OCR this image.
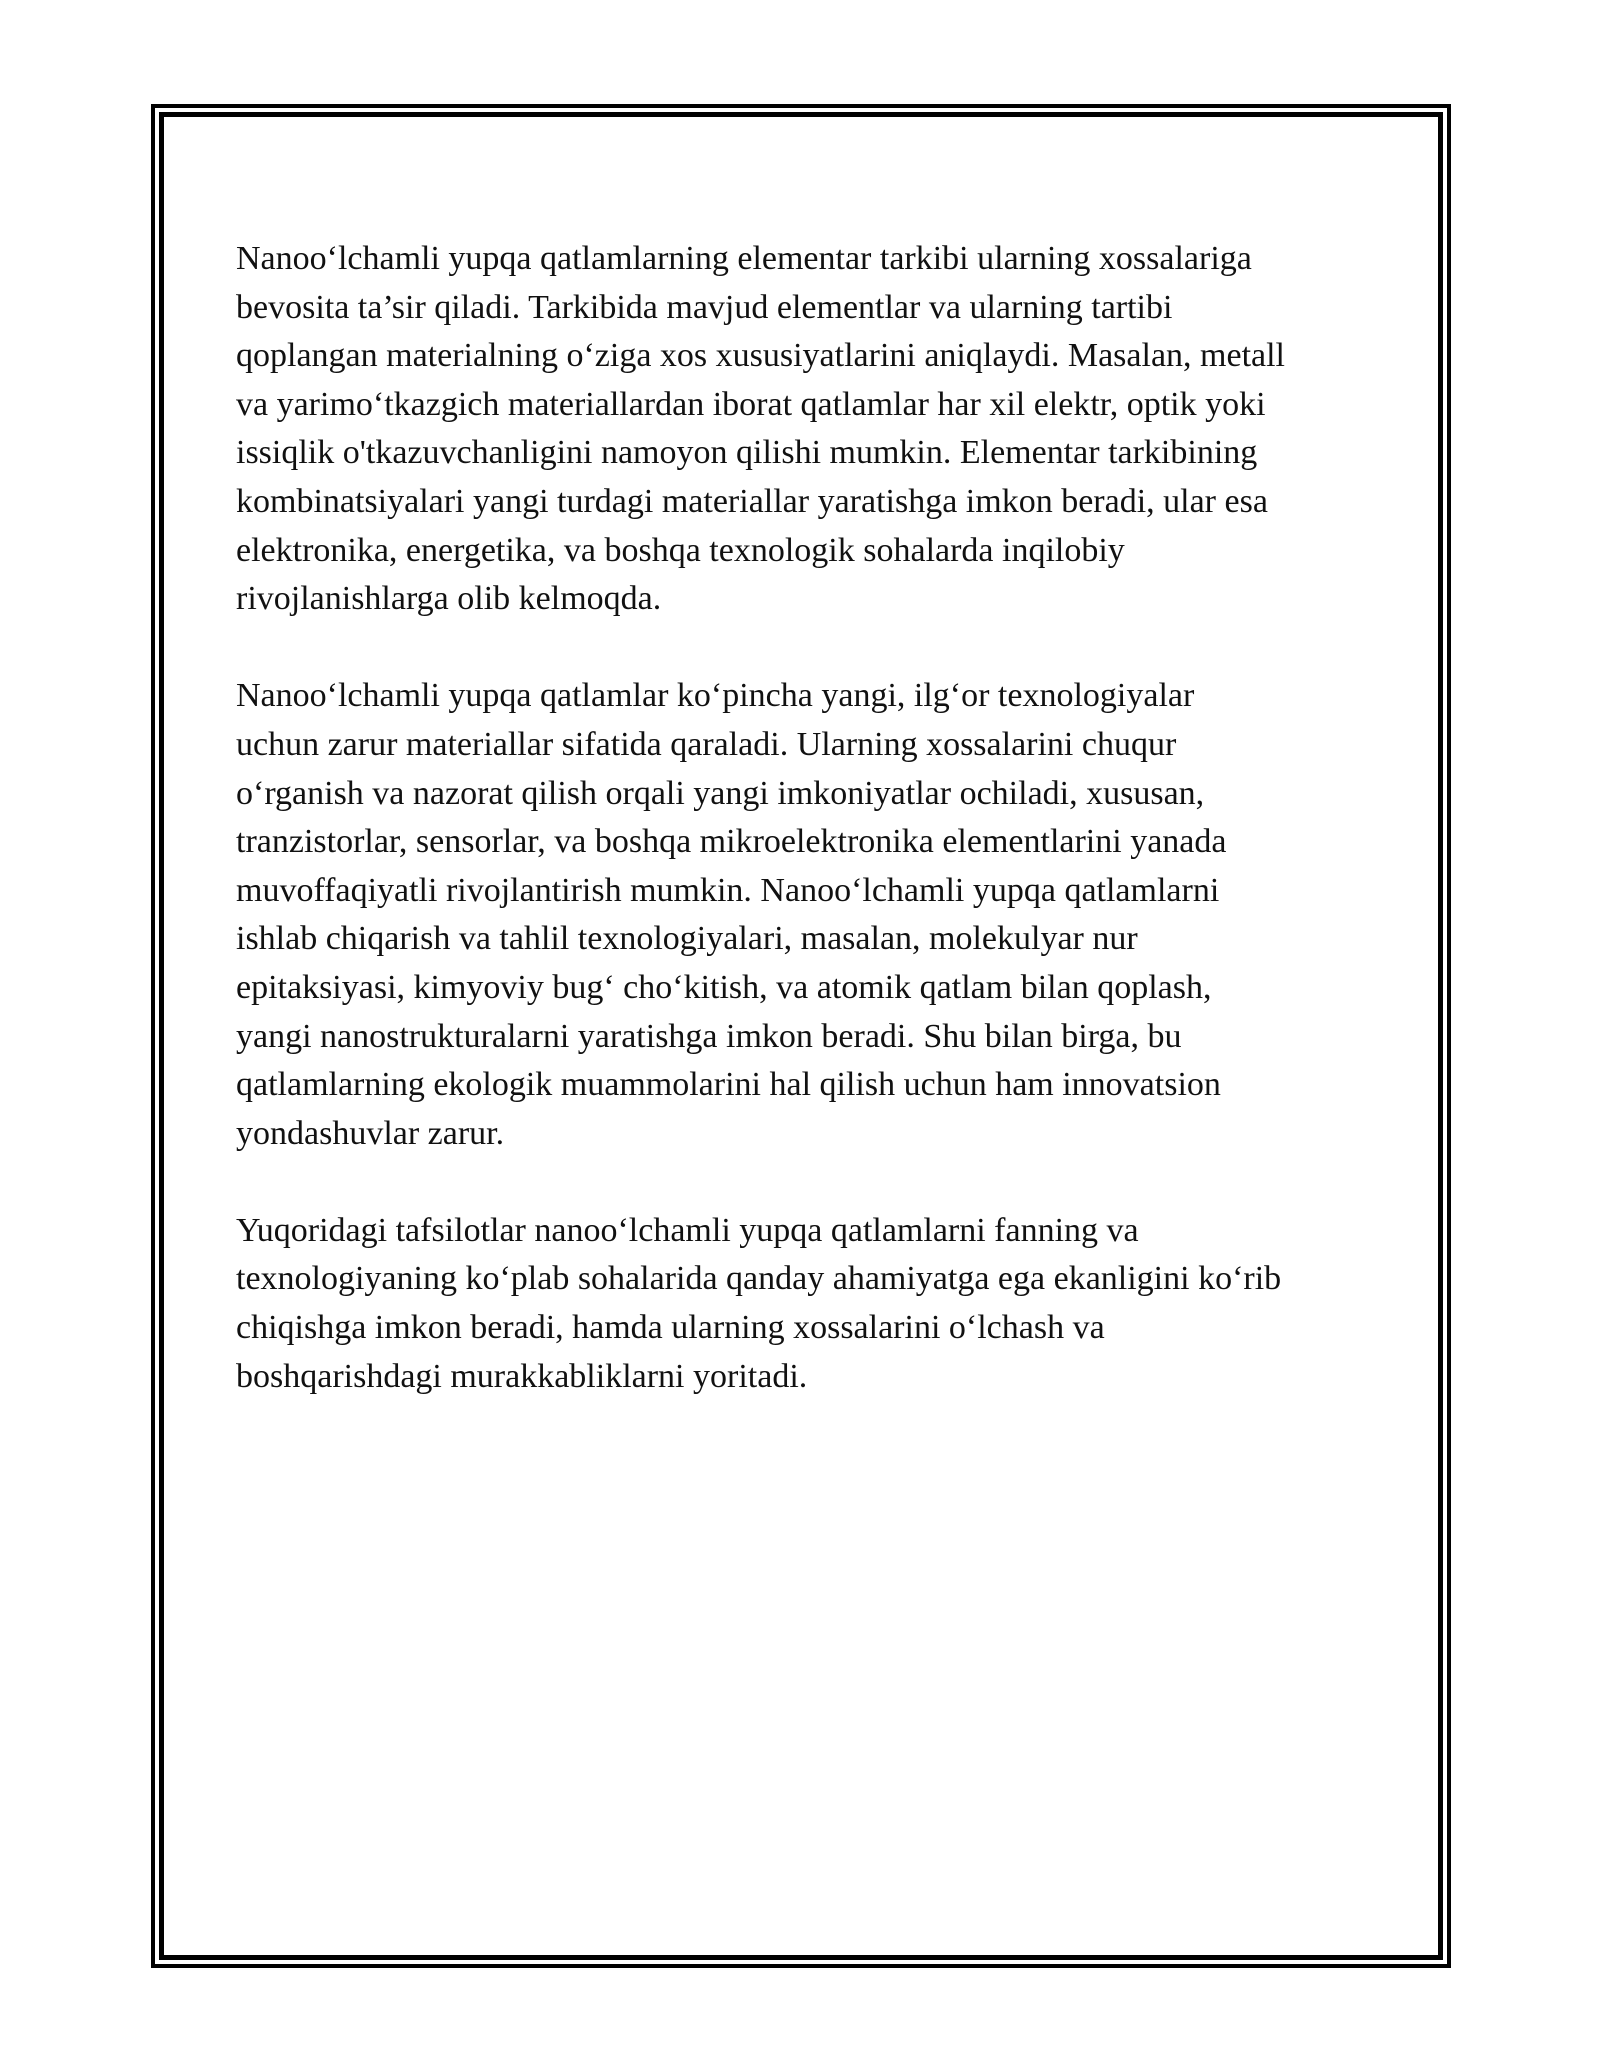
Nanoo‘lchamli yupqa qatlamlarning elementar tarkibi ularning xossalariga
bevosita ta’sir qiladi. Tarkibida mavjud elementlar va ularning tartibi
qoplangan materialning o‘ziga xos xususiyatlarini aniqlaydi. Masalan, metall
va yarimo‘tkazgich materiallardan iborat qatlamlar har xil elektr, optik yoki
issiqlik o'tkazuvchanligini namoyon qilishi mumkin. Elementar tarkibining
kombinatsiyalari yangi turdagi materiallar yaratishga imkon beradi, ular esa
elektronika, energetika, va boshqa texnologik sohalarda inqilobiy
rivojlanishlarga olib kelmoqda.

Nanoo‘lchamli yupqa qatlamlar ko‘pincha yangi, ilg‘or texnologiyalar
uchun zarur materiallar sifatida qaraladi. Ularning xossalarini chuqur
o‘rganish va nazorat qilish orqali yangi imkoniyatlar ochiladi, xususan,
tranzistorlar, sensorlar, va boshqa mikroelektronika elementlarini yanada
muvoffaqiyatli rivojlantirish mumkin. Nanoo‘lchamli yupqa qatlamlarni
ishlab chiqarish va tahlil texnologiyalari, masalan, molekulyar nur
epitaksiyasi, kimyoviy bug‘ cho‘kitish, va atomik qatlam bilan qoplash,
yangi nanostrukturalarni yaratishga imkon beradi. Shu bilan birga, bu
qatlamlarning ekologik muammolarini hal qilish uchun ham innovatsion
yondashuvlar zarur.

Yuqoridagi tafsilotlar nanoo‘lchamli yupqa qatlamlarni fanning va
texnologiyaning ko‘plab sohalarida qanday ahamiyatga ega ekanligini ko‘rib
chiqishga imkon beradi, hamda ularning xossalarini o‘lchash va
boshqarishdagi murakkabliklarni yoritadi.
